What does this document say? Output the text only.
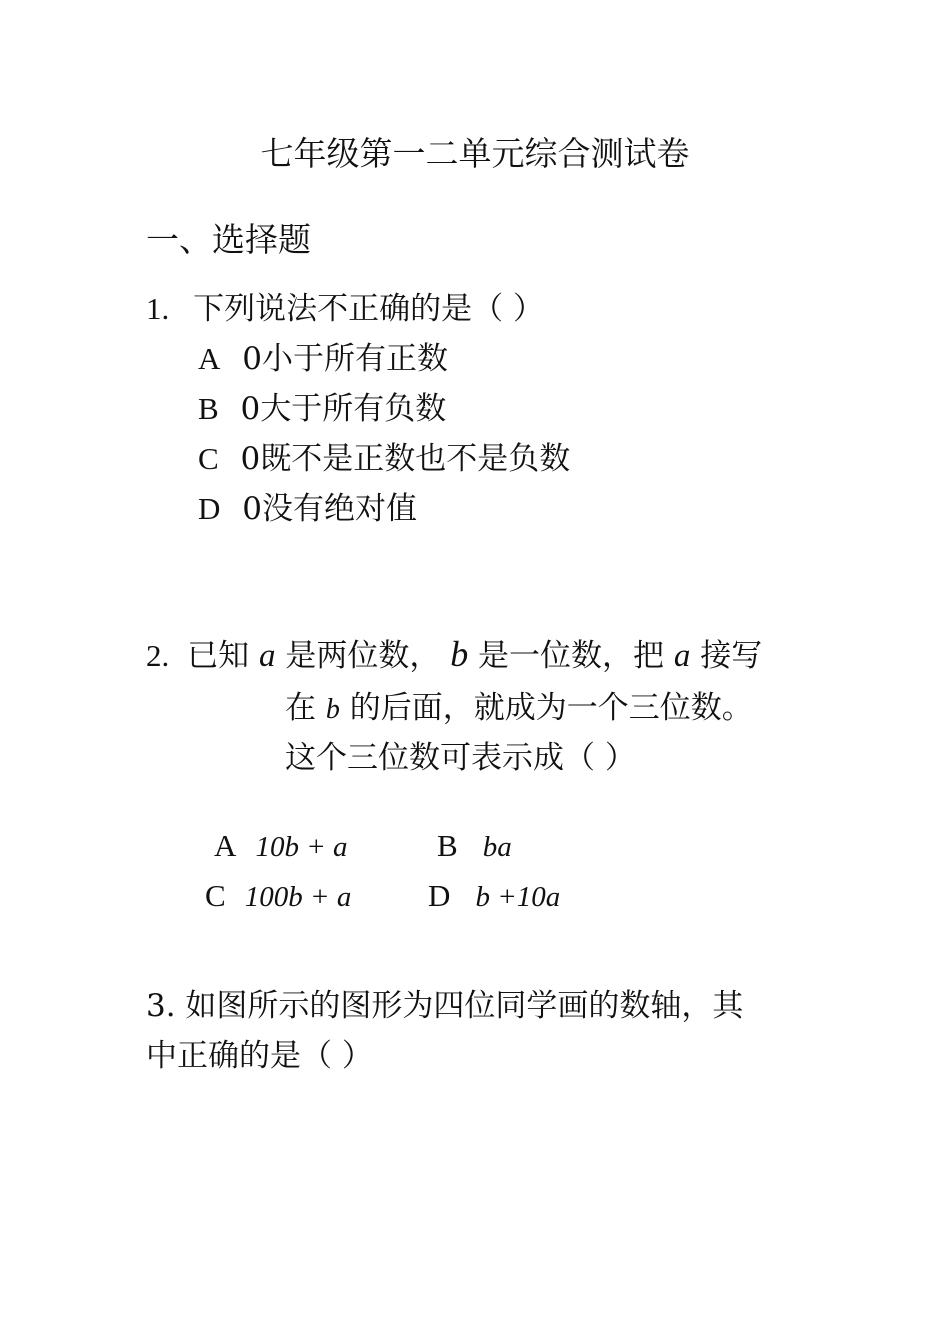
七年级第一二单元综合测试卷
一、选择题
1. 下列说法不正确的是（ ）
A 0小于所有正数
B 0大于所有负数
C 0既不是正数也不是负数
D 0没有绝对值
2. 已知 a 是两位数， b 是一位数，把 a 接写
在 b 的后面，就成为一个三位数。
这个三位数可表示成（ ）
A 10b + a	B ba
C 100b + a D b +10a
3. 如图所示的图形为四位同学画的数轴，其
中正确的是（ ）
